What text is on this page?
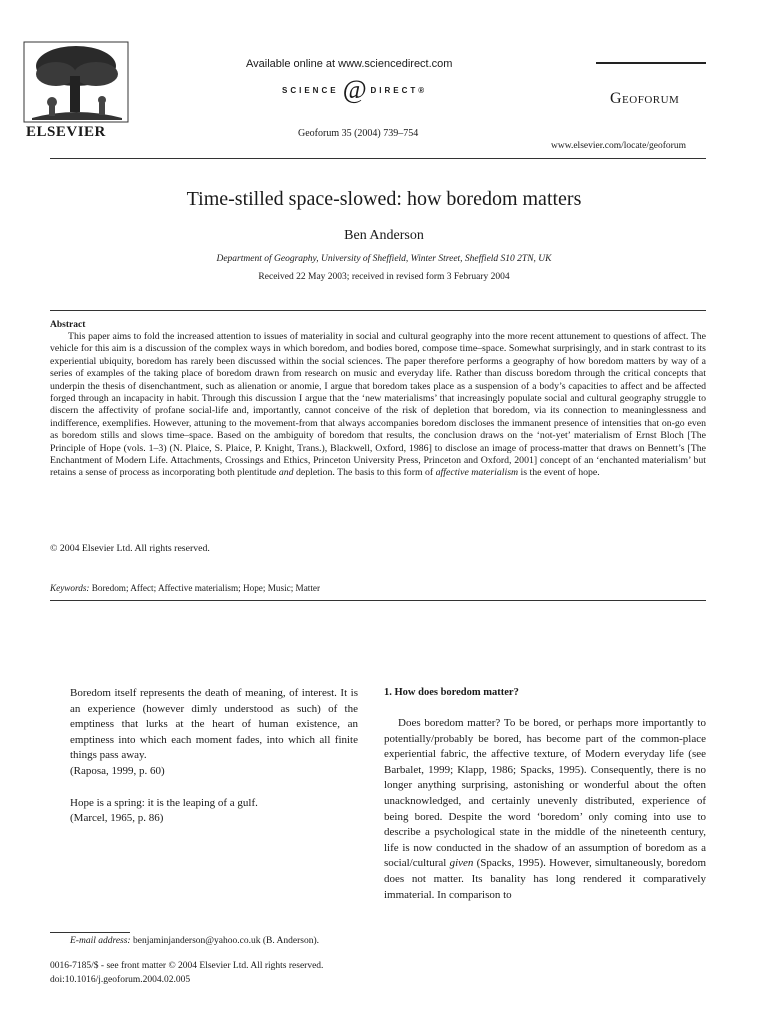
ELSEVIER
Available online at www.sciencedirect.com
SCIENCE @ DIRECT®
Geoforum 35 (2004) 739–754
Geoforum
www.elsevier.com/locate/geoforum
Time-stilled space-slowed: how boredom matters
Ben Anderson
Department of Geography, University of Sheffield, Winter Street, Sheffield S10 2TN, UK
Received 22 May 2003; received in revised form 3 February 2004
Abstract

This paper aims to fold the increased attention to issues of materiality in social and cultural geography into the more recent attunement to questions of affect. The vehicle for this aim is a discussion of the complex ways in which boredom, and bodies bored, compose time–space. Somewhat surprisingly, and in stark contrast to its experiential ubiquity, boredom has rarely been discussed within the social sciences. The paper therefore performs a geography of how boredom matters by way of a series of examples of the taking place of boredom drawn from research on music and everyday life. Rather than discuss boredom through the critical concepts that underpin the thesis of disenchantment, such as alienation or anomie, I argue that boredom takes place as a suspension of a body’s capacities to affect and be affected forged through an incapacity in habit. Through this discussion I argue that the ‘new materialisms’ that increasingly populate social and cultural geography struggle to discern the affectivity of profane social-life and, importantly, cannot conceive of the risk of depletion that boredom, via its connection to meaninglessness and indifference, exemplifies. However, attuning to the movement-from that always accompanies boredom discloses the immanent presence of intensities that on-go even as boredom stills and slows time–space. Based on the ambiguity of boredom that results, the conclusion draws on the ‘not-yet’ materialism of Ernst Bloch [The Principle of Hope (vols. 1–3) (N. Plaice, S. Plaice, P. Knight, Trans.), Blackwell, Oxford, 1986] to disclose an image of process-matter that draws on Bennett’s [The Enchantment of Modern Life. Attachments, Crossings and Ethics, Princeton University Press, Princeton and Oxford, 2001] concept of an ‘enchanted materialism’ but retains a sense of process as incorporating both plentitude and depletion. The basis to this form of affective materialism is the event of hope.

© 2004 Elsevier Ltd. All rights reserved.
Keywords: Boredom; Affect; Affective materialism; Hope; Music; Matter

Boredom itself represents the death of meaning, of interest. It is an experience (however dimly understood as such) of the emptiness that lurks at the heart of human existence, an emptiness into which each moment fades, into which all finite things pass away.

(Raposa, 1999, p. 60)

Hope is a spring: it is the leaping of a gulf.

(Marcel, 1965, p. 86)

E-mail address: benjaminjanderson@yahoo.co.uk (B. Anderson).
0016-7185/$ - see front matter © 2004 Elsevier Ltd. All rights reserved.
doi:10.1016/j.geoforum.2004.02.005
1. How does boredom matter?

Does boredom matter? To be bored, or perhaps more importantly to potentially/probably be bored, has become part of the common-place experiential fabric, the affective texture, of Modern everyday life (see Barbalet, 1999; Klapp, 1986; Spacks, 1995). Consequently, there is no longer anything surprising, astonishing or wonderful about the often unacknowledged, and certainly unevenly distributed, experience of being bored. Despite the word ‘boredom’ only coming into use to describe a psychological state in the middle of the nineteenth century, life is now conducted in the shadow of an assumption of boredom as a social/cultural given (Spacks, 1995). However, simultaneously, boredom does not matter. Its banality has long rendered it comparatively immaterial. In comparison to
